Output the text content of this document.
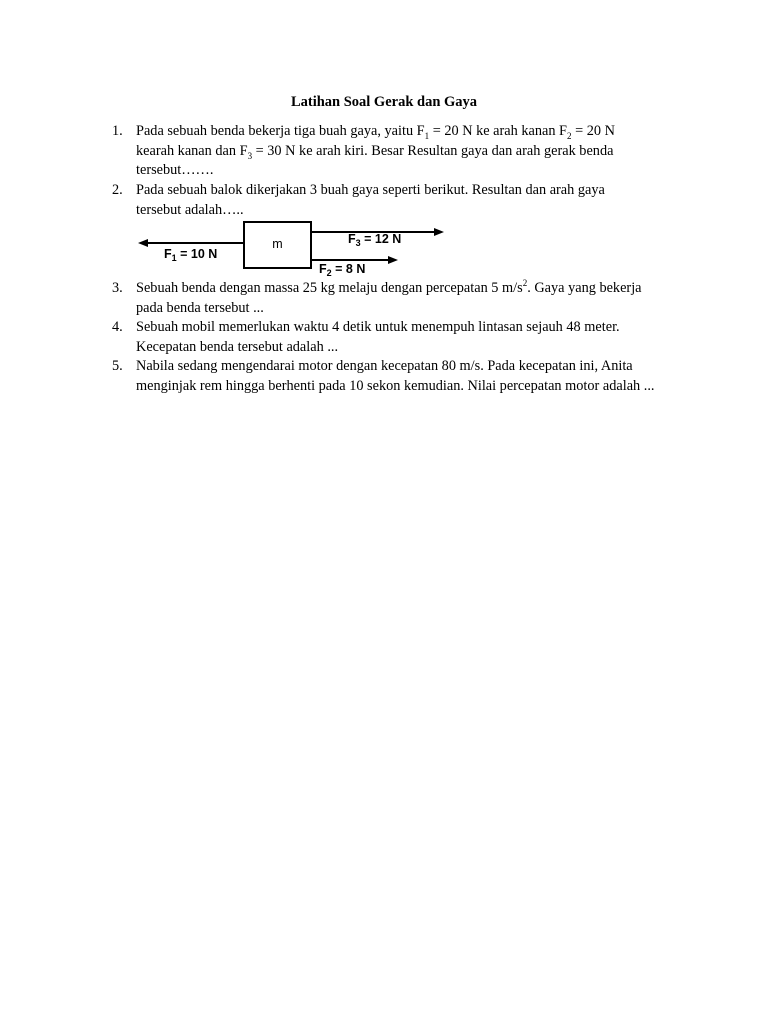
Latihan Soal Gerak dan Gaya
1. Pada sebuah benda bekerja tiga buah gaya, yaitu $F_1 = 20$ N ke arah kanan $F_2 = 20$ N
kearah kanan dan $F_3 = 30$ N ke arah kiri. Besar Resultan gaya dan arah gerak benda
tersebut…….
2. Pada sebuah balok dikerjakan 3 buah gaya seperti berikut. Resultan dan arah gaya
tersebut adalah…..
m
$F_1 = 10$ N
$F_3 = 12$ N
$F_2 = 8$ N
3. Sebuah benda dengan massa 25 kg melaju dengan percepatan 5 $m/s^2$. Gaya yang bekerja
pada benda tersebut ...
4. Sebuah mobil memerlukan waktu 4 detik untuk menempuh lintasan sejauh 48 meter.
Kecepatan benda tersebut adalah ...
5. Nabila sedang mengendarai motor dengan kecepatan 80 m/s. Pada kecepatan ini, Anita
menginjak rem hingga berhenti pada 10 sekon kemudian. Nilai percepatan motor adalah ...
